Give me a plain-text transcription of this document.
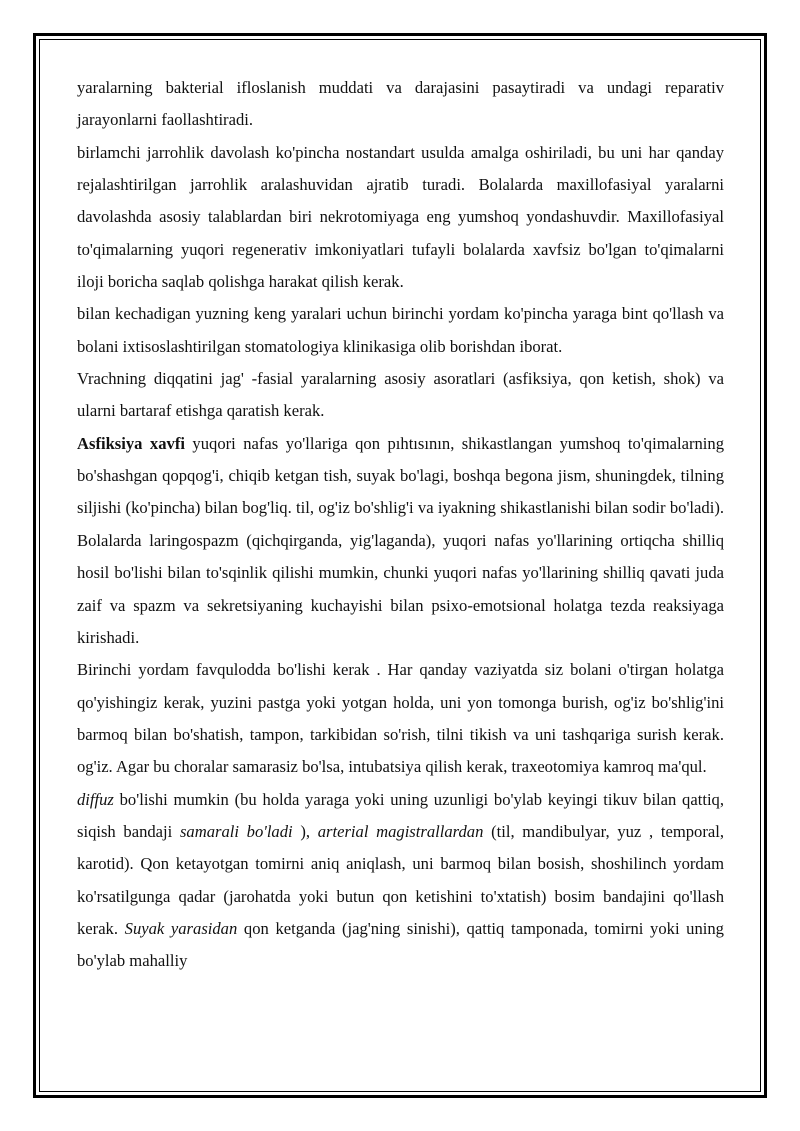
yaralarning bakterial ifloslanish muddati va darajasini pasaytiradi va undagi reparativ jarayonlarni faollashtiradi.

birlamchi jarrohlik davolash ko'pincha nostandart usulda amalga oshiriladi, bu uni har qanday rejalashtirilgan jarrohlik aralashuvidan ajratib turadi. Bolalarda maxillofasiyal yaralarni davolashda asosiy talablardan biri nekrotomiyaga eng yumshoq yondashuvdir. Maxillofasiyal to'qimalarning yuqori regenerativ imkoniyatlari tufayli bolalarda xavfsiz bo'lgan to'qimalarni iloji boricha saqlab qolishga harakat qilish kerak.

bilan kechadigan yuzning keng yaralari uchun birinchi yordam ko'pincha yaraga bint qo'llash va bolani ixtisoslashtirilgan stomatologiya klinikasiga olib borishdan iborat.

Vrachning diqqatini jag' -fasial yaralarning asosiy asoratlari (asfiksiya, qon ketish, shok) va ularni bartaraf etishga qaratish kerak.

Asfiksiya xavfi yuqori nafas yo'llariga qon pıhtısının, shikastlangan yumshoq to'qimalarning bo'shashgan qopqog'i, chiqib ketgan tish, suyak bo'lagi, boshqa begona jism, shuningdek, tilning siljishi (ko'pincha) bilan bog'liq. til, og'iz bo'shlig'i va iyakning shikastlanishi bilan sodir bo'ladi). Bolalarda laringospazm (qichqirganda, yig'laganda), yuqori nafas yo'llarining ortiqcha shilliq hosil bo'lishi bilan to'sqinlik qilishi mumkin, chunki yuqori nafas yo'llarining shilliq qavati juda zaif va spazm va sekretsiyaning kuchayishi bilan psixo-emotsional holatga tezda reaksiyaga kirishadi.

Birinchi yordam favqulodda bo'lishi kerak . Har qanday vaziyatda siz bolani o'tirgan holatga qo'yishingiz kerak, yuzini pastga yoki yotgan holda, uni yon tomonga burish, og'iz bo'shlig'ini barmoq bilan bo'shatish, tampon, tarkibidan so'rish, tilni tikish va uni tashqariga surish kerak. og'iz. Agar bu choralar samarasiz bo'lsa, intubatsiya qilish kerak, traxeotomiya kamroq ma'qul.

diffuz bo'lishi mumkin (bu holda yaraga yoki uning uzunligi bo'ylab keyingi tikuv bilan qattiq, siqish bandaji samarali bo'ladi ), arterial magistrallardan (til, mandibulyar, yuz , temporal, karotid). Qon ketayotgan tomirni aniq aniqlash, uni barmoq bilan bosish, shoshilinch yordam ko'rsatilgunga qadar (jarohatda yoki butun qon ketishini to'xtatish) bosim bandajini qo'llash kerak. Suyak yarasidan qon ketganda (jag'ning sinishi), qattiq tamponada, tomirni yoki uning bo'ylab mahalliy
